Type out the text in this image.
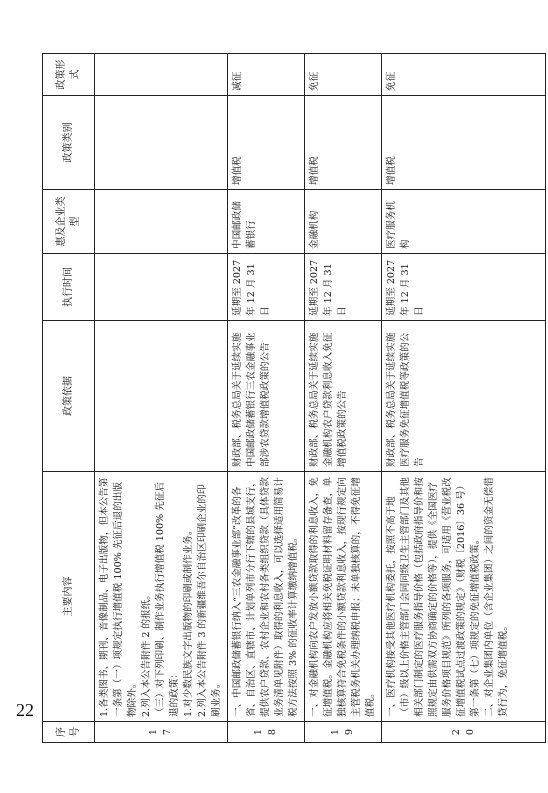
序号	主要内容	政策依据	执行时间	惠及企业类型	政策类别	政策形式
17	1.各类图书、期刊、音像制品、电子出版物，但本公告第一条第（一）项规定执行增值税 100% 先征后退的出版物除外。 2.列入本公告附件 2 的报纸。 （三）对下列印刷、制作业务执行增值税 100% 先征后退的政策： 1.对少数民族文字出版物的印刷或制作业务。 2.列入本公告附件 3 的新疆维吾尔自治区印刷企业的印刷业务。					

18	一、中国邮政储蓄银行纳入“三农金融事业部”改革的各省、自治区、直辖市、计划单列市分行下辖的县域支行，提供农户贷款、农村企业和农村各类组织贷款（具体贷款业务清单见附件）取得的利息收入，可以选择适用简易计税方法按照 3% 的征收率计算缴纳增值税。	财政部、税务总局关于延续实施中国邮政储蓄银行三农金融事业部涉农贷款增值税政策的公告	延期至 2027 年 12 月 31 日	中国邮政储蓄银行	增值税	减征
19	一、对金融机构向农户发放小额贷款取得的利息收入，免征增值税。金融机构应将相关免税证明材料留存备查，单独核算符合免税条件的小额贷款利息收入，按现行规定向主管税务机关办理纳税申报；未单独核算的，不得免征增值税。	财政部、税务总局关于延续实施金融机构农户贷款利息收入免征增值税政策的公告	延期至 2027 年 12 月 31 日	金融机构	增值税	免征
20	一、医疗机构接受其他医疗机构委托，按照不高于地（市）级以上价格主管部门会同同级卫生主管部门及其他相关部门制定的医疗服务指导价格（包括政府指导价和按照规定由供需双方协商确定的价格等），提供《全国医疗服务价格项目规范》所列的各项服务，可适用《营业税改征增值税试点过渡政策的规定》（财税〔2016〕36 号）第一条第（七）项规定的免征增值税政策。 二、对企业集团内单位（含企业集团）之间的资金无偿借贷行为，免征增值税。	财政部、税务总局关于延续实施医疗服务免征增值税等政策的公告	延期至 2027 年 12 月 31 日	医疗服务机构	增值税	免征
22
